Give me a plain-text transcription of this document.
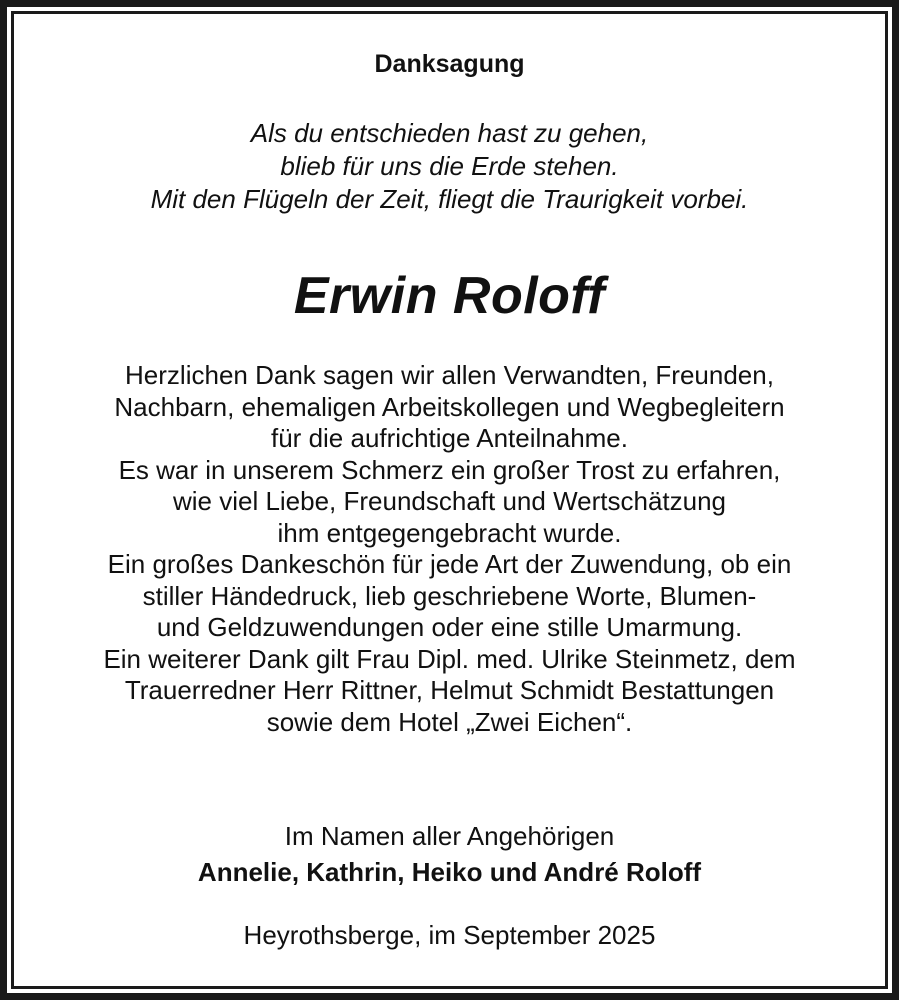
Danksagung
Als du entschieden hast zu gehen,
blieb für uns die Erde stehen.
Mit den Flügeln der Zeit, fliegt die Traurigkeit vorbei.
Erwin Roloff
Herzlichen Dank sagen wir allen Verwandten, Freunden,
Nachbarn, ehemaligen Arbeitskollegen und Wegbegleitern
für die aufrichtige Anteilnahme.
Es war in unserem Schmerz ein großer Trost zu erfahren,
wie viel Liebe, Freundschaft und Wertschätzung
ihm entgegengebracht wurde.
Ein großes Dankeschön für jede Art der Zuwendung, ob ein
stiller Händedruck, lieb geschriebene Worte, Blumen-
und Geldzuwendungen oder eine stille Umarmung.
Ein weiterer Dank gilt Frau Dipl. med. Ulrike Steinmetz, dem
Trauerredner Herr Rittner, Helmut Schmidt Bestattungen
sowie dem Hotel „Zwei Eichen“.
Im Namen aller Angehörigen
Annelie, Kathrin, Heiko und André Roloff
Heyrothsberge, im September 2025
